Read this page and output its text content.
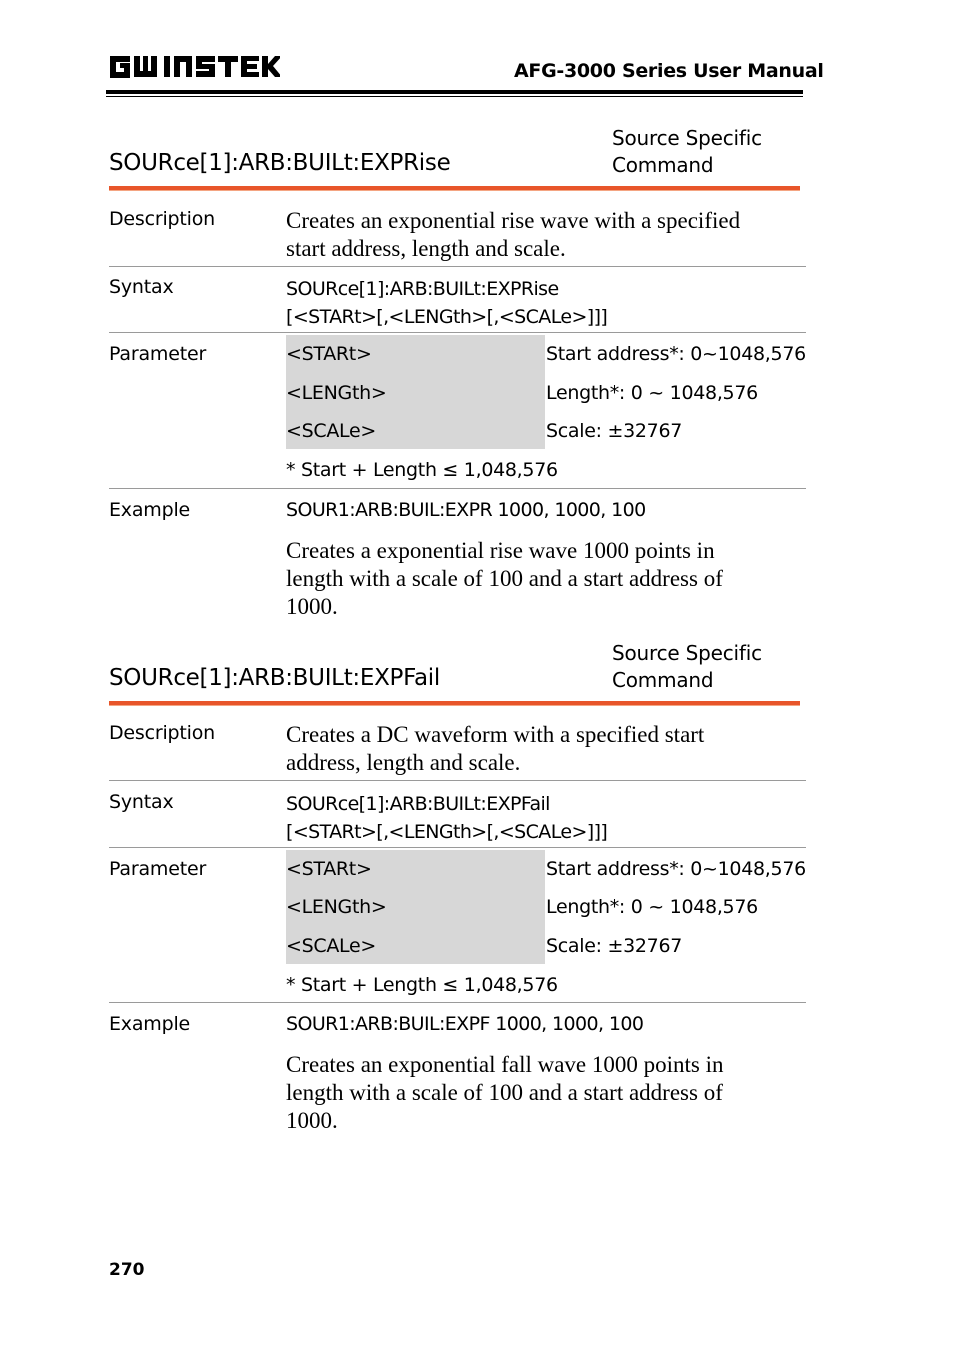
AFG-3000 Series User Manual
SOURce[1]:ARB:BUILt:EXPRise
Source Specific
Command
Description	Creates an exponential rise wave with a specified
start address, length and scale.
Syntax	SOURce[1]:ARB:BUILt:EXPRise
[<STARt>[,<LENGth>[,<SCALe>]]]
Parameter	<STARt>	Start address*: 0~1048,576
<LENGth>	Length*: 0 ~ 1048,576
<SCALe>	Scale: ±32767
* Start + Length ≤ 1,048,576
Example	SOUR1:ARB:BUIL:EXPR 1000, 1000, 100
Creates a exponential rise wave 1000 points in
length with a scale of 100 and a start address of
1000.
SOURce[1]:ARB:BUILt:EXPFail
Source Specific
Command
Description	Creates a DC waveform with a specified start
address, length and scale.
Syntax	SOURce[1]:ARB:BUILt:EXPFail
[<STARt>[,<LENGth>[,<SCALe>]]]
Parameter	<STARt>	Start address*: 0~1048,576
<LENGth>	Length*: 0 ~ 1048,576
<SCALe>	Scale: ±32767
* Start + Length ≤ 1,048,576
Example	SOUR1:ARB:BUIL:EXPF 1000, 1000, 100
Creates an exponential fall wave 1000 points in
length with a scale of 100 and a start address of
1000.
270
